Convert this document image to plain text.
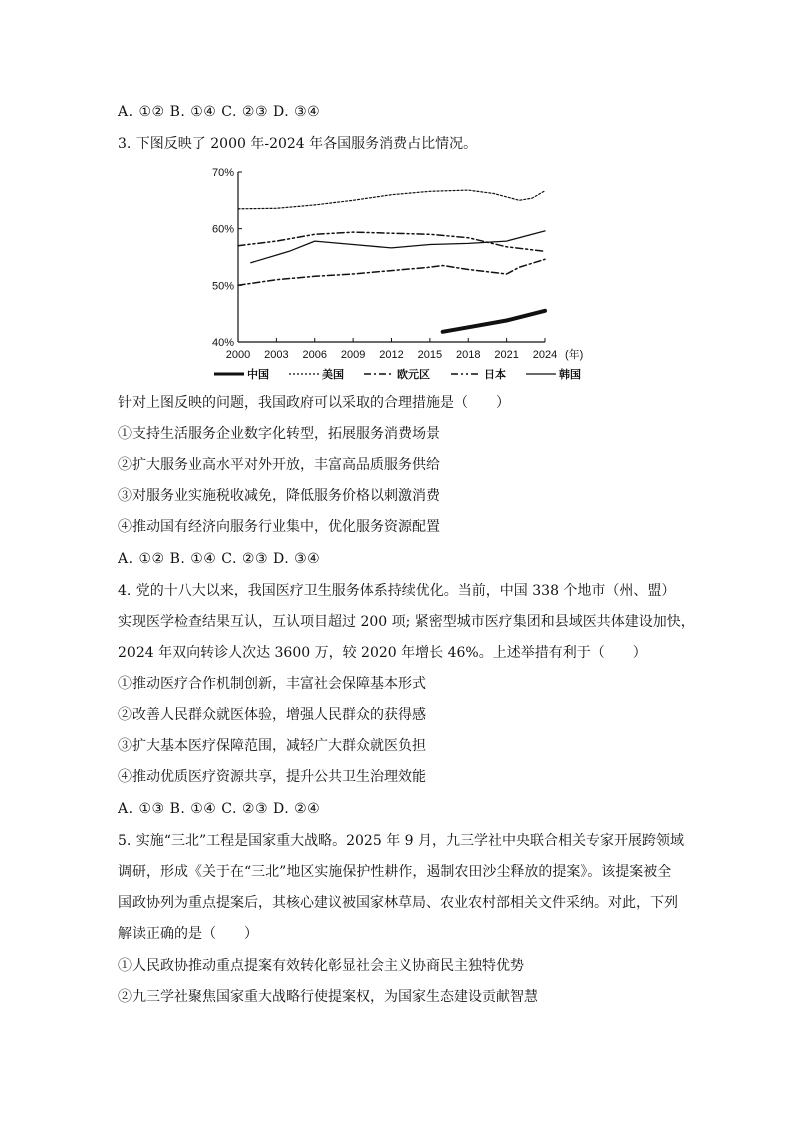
A. ①② B. ①④ C. ②③ D. ③④
3. 下图反映了 2000 年-2024 年各国服务消费占比情况。
40%
50%
60%
70%
2000 2003 2006 2009 2012 2015 2018 2021 2024 (年)
中国	美国	欧元区	日本	韩国
针对上图反映的问题，我国政府可以采取的合理措施是（　　）
①支持生活服务企业数字化转型，拓展服务消费场景
②扩大服务业高水平对外开放，丰富高品质服务供给
③对服务业实施税收减免，降低服务价格以刺激消费
④推动国有经济向服务行业集中，优化服务资源配置
A. ①② B. ①④ C. ②③ D. ③④
4. 党的十八大以来，我国医疗卫生服务体系持续优化。当前，中国 338 个地市（州、盟）
实现医学检查结果互认，互认项目超过 200 项; 紧密型城市医疗集团和县域医共体建设加快，
2024 年双向转诊人次达 3600 万，较 2020 年增长 46%。上述举措有利于（　　）
①推动医疗合作机制创新，丰富社会保障基本形式
②改善人民群众就医体验，增强人民群众的获得感
③扩大基本医疗保障范围，减轻广大群众就医负担
④推动优质医疗资源共享，提升公共卫生治理效能
A. ①③ B. ①④ C. ②③ D. ②④
5. 实施“三北”工程是国家重大战略。2025 年 9 月，九三学社中央联合相关专家开展跨领域
调研，形成《关于在“三北”地区实施保护性耕作，遏制农田沙尘释放的提案》。该提案被全
国政协列为重点提案后，其核心建议被国家林草局、农业农村部相关文件采纳。对此，下列
解读正确的是（　　）
①人民政协推动重点提案有效转化彰显社会主义协商民主独特优势
②九三学社聚焦国家重大战略行使提案权，为国家生态建设贡献智慧
